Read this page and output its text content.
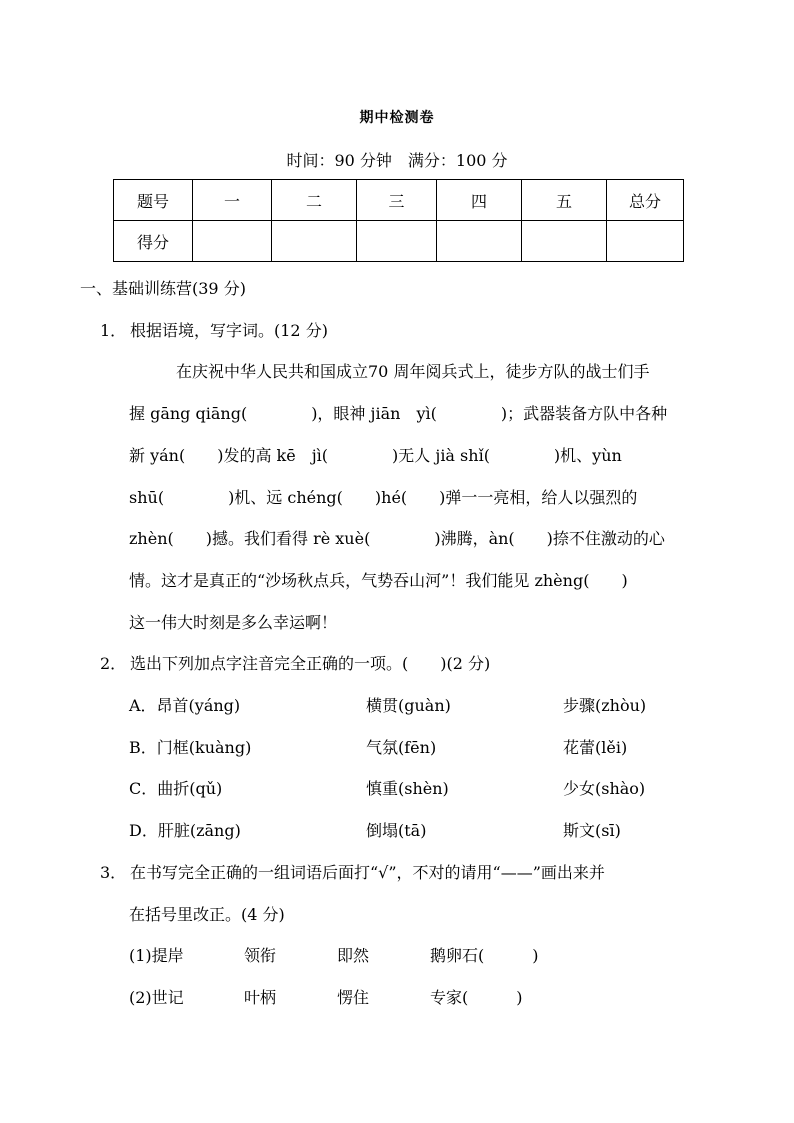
期中检测卷
时间：90 分钟　满分：100 分
题号	一	二	三	四	五	总分
得分						
一、基础训练营(39 分)
1． 根据语境，写字词。(12 分)
在庆祝中华人民共和国成立70 周年阅兵式上，徒步方队的战士们手
握 gāng qiāng(　　　　)，眼神 jiān　yì(　　　　)；武器装备方队中各种
新 yán(　　)发的高 kē　jì(　　　　)无人 jià shǐ(　　　　)机、yùn
shū(　　　　)机、远 chéng(　　)hé(　　)弹一一亮相，给人以强烈的
zhèn(　　)撼。我们看得 rè xuè(　　　　)沸腾，àn(　　)捺不住激动的心
情。这才是真正的“沙场秋点兵，气势吞山河”！我们能见 zhèng(　　)
这一伟大时刻是多么幸运啊！
2． 选出下列加点字注音完全正确的一项。(　　)(2 分)
A．昂首(yáng)	横贯(guàn)	步骤(zhòu)
B．门框(kuàng)	气氛(fēn)	花蕾(lěi)
C．曲折(qǔ)	慎重(shèn)	少女(shào)
D．肝脏(zāng)	倒塌(tā)	斯文(sī)
3． 在书写完全正确的一组词语后面打“√”，不对的请用“——”画出来并
在括号里改正。(4 分)
(1)提岸	领衔	即然	鹅卵石(　　　)
(2)世记	叶柄	愣住	专家(　　　)
